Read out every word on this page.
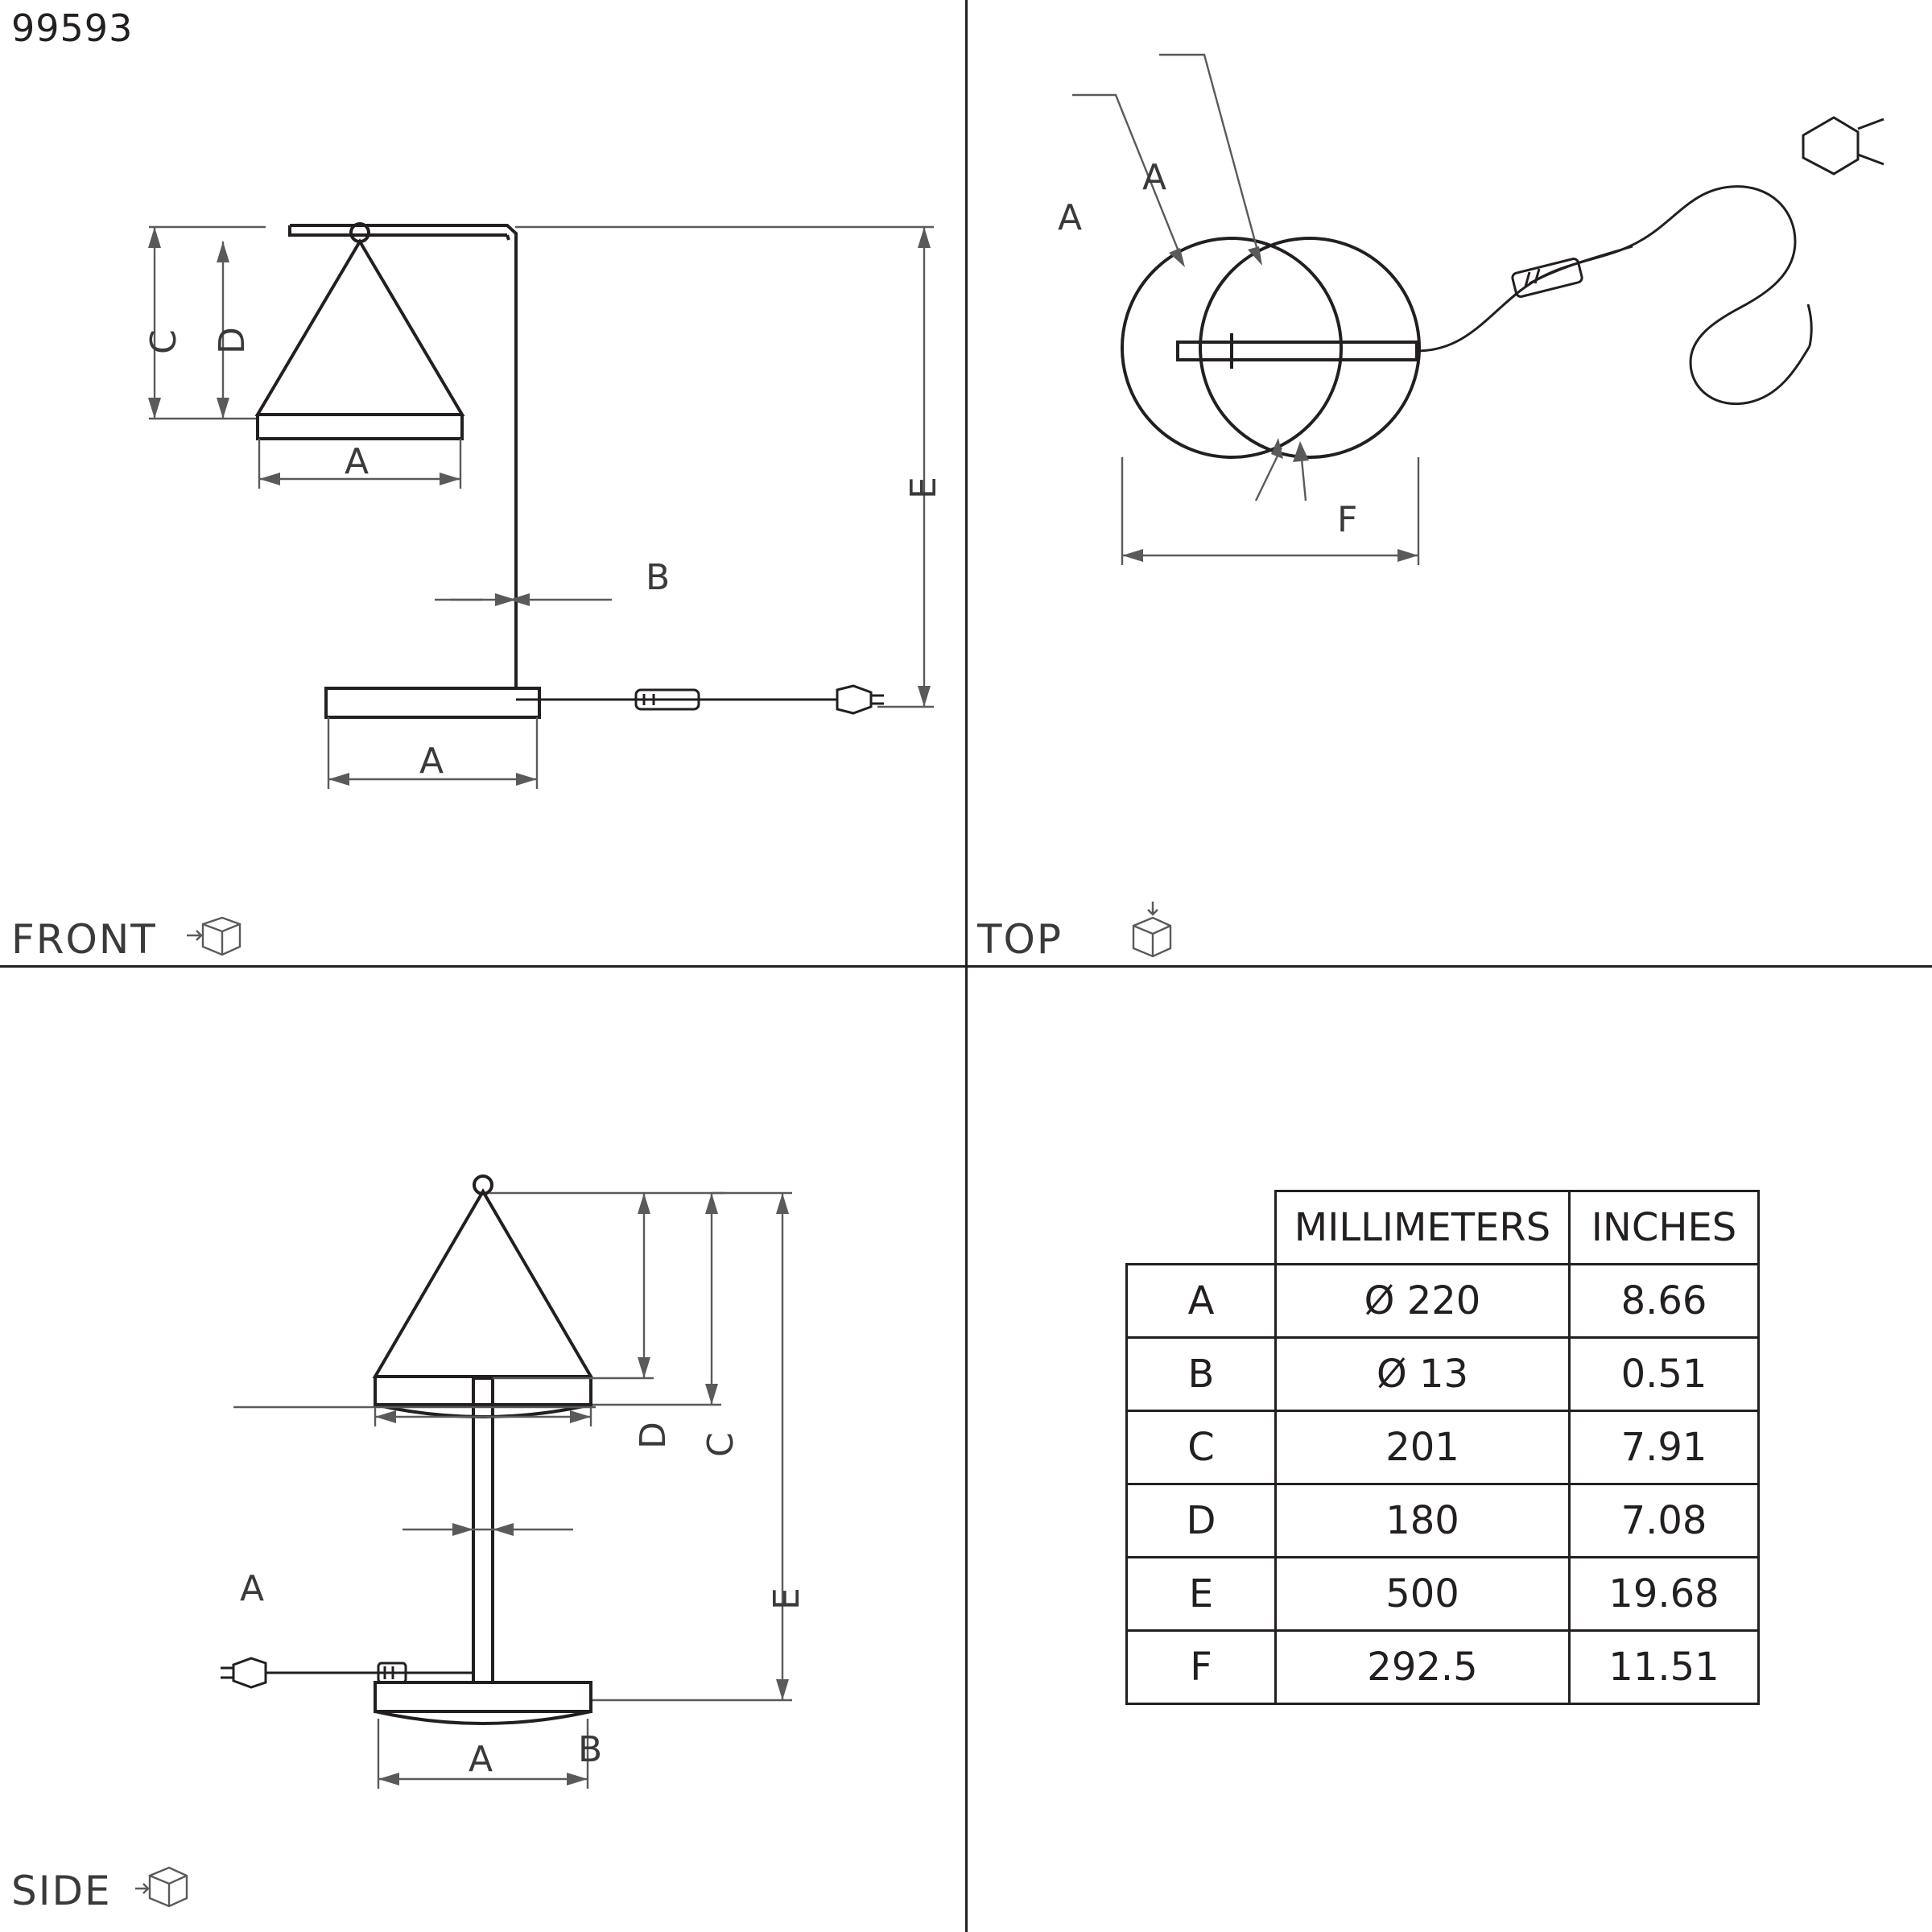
99593
C D
A
B
E
A
FRONT
A
A
F
TOP
D C
A
B
E
A
SIDE
	MILLIMETERS	INCHES
A	Ø 220	8.66
B	Ø 13	0.51
C	201	7.91
D	180	7.08
E	500	19.68
F	292.5	11.51
